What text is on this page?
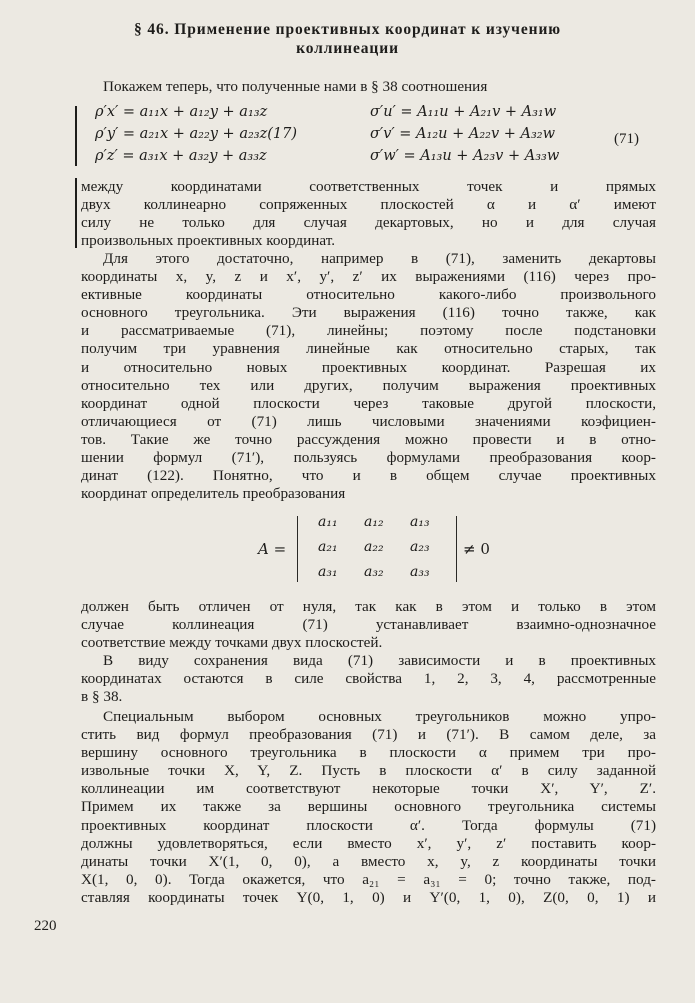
§ 46. Применение проективных координат к изучению
коллинеации
Покажем теперь, что полученные нами в § 38 соотношения
ρ′x′ = a₁₁x + a₁₂y + a₁₃z
ρ′y′ = a₂₁x + a₂₂y + a₂₃z(17)
ρ′z′ = a₃₁x + a₃₂y + a₃₃z
σ′u′ = A₁₁u + A₂₁v + A₃₁w
σ′v′ = A₁₂u + A₂₂v + A₃₂w
σ′w′ = A₁₃u + A₂₃v + A₃₃w
(71)

между координатами соответственных точек и прямых
двух коллинеарно сопряженных плоскостей α и α′ имеют
силу не только для случая декартовых, но и для случая
произвольных проективных координат.

Для этого достаточно, например в (71), заменить декартовы
координаты x, y, z и x′, y′, z′ их выражениями (116) через про-
ективные координаты относительно какого-либо произвольного
основного треугольника. Эти выражения (116) точно также, как
и рассматриваемые (71), линейны; поэтому после подстановки
получим три уравнения линейные как относительно старых, так
и относительно новых проективных координат. Разрешая их
относительно тех или других, получим выражения проективных
координат одной плоскости через таковые другой плоскости,
отличающиеся от (71) лишь числовыми значениями коэфициен-
тов. Такие же точно рассуждения можно провести и в отно-
шении формул (71′), пользуясь формулами преобразования коор-
динат (122). Понятно, что и в общем случае проективных
координат определитель преобразования

A =
a₁₁ a₁₂ a₁₃
a₂₁ a₂₂ a₂₃
a₃₁ a₃₂ a₃₃
≠ 0

должен быть отличен от нуля, так как в этом и только в этом
случае коллинеация (71) устанавливает взаимно-однозначное
соответствие между точками двух плоскостей.

В виду сохранения вида (71) зависимости и в проективных
координатах остаются в силе свойства 1, 2, 3, 4, рассмотренные
в § 38.

Специальным выбором основных треугольников можно упро-
стить вид формул преобразования (71) и (71′). В самом деле, за
вершину основного треугольника в плоскости α примем три про-
извольные точки X, Y, Z. Пусть в плоскости α′ в силу заданной
коллинеации им соответствуют некоторые точки X′, Y′, Z′.
Примем их также за вершины основного треугольника системы
проективных координат плоскости α′. Тогда формулы (71)
должны удовлетворяться, если вместо x′, y′, z′ поставить коор-
динаты точки X′(1, 0, 0), а вместо x, y, z координаты точки
X(1, 0, 0). Тогда окажется, что a₂₁ = a₃₁ = 0; точно также, под-
ставляя координаты точек Y(0, 1, 0) и Y′(0, 1, 0), Z(0, 0, 1) и

220
